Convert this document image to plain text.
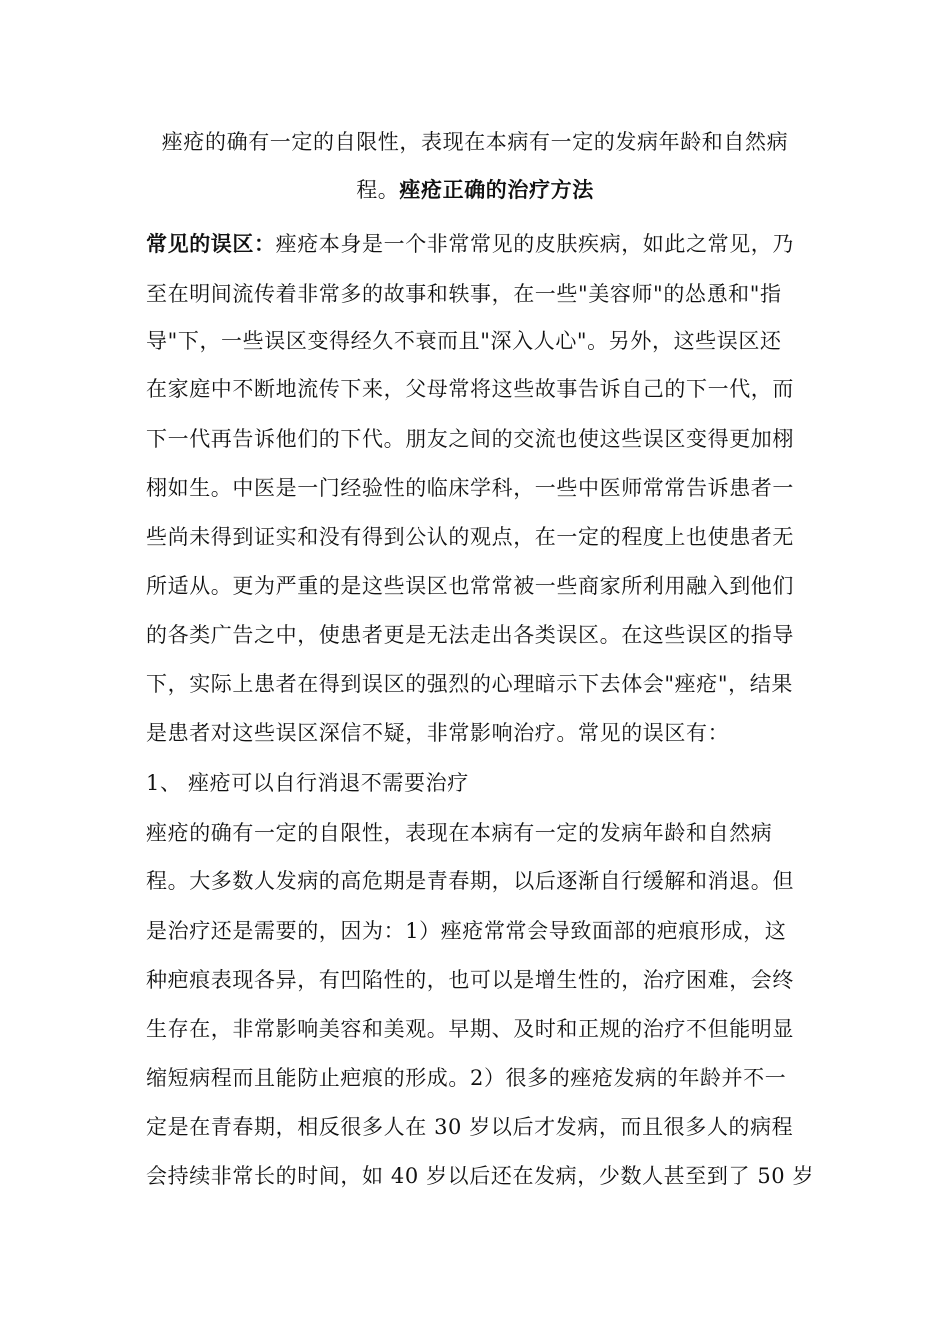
痤疮的确有一定的自限性，表现在本病有一定的发病年龄和自然病
程。痤疮正确的治疗方法
常见的误区：痤疮本身是一个非常常见的皮肤疾病，如此之常见，乃
至在明间流传着非常多的故事和轶事，在一些"美容师"的怂恿和"指
导"下，一些误区变得经久不衰而且"深入人心"。另外，这些误区还
在家庭中不断地流传下来，父母常将这些故事告诉自己的下一代，而
下一代再告诉他们的下代。朋友之间的交流也使这些误区变得更加栩
栩如生。中医是一门经验性的临床学科，一些中医师常常告诉患者一
些尚未得到证实和没有得到公认的观点，在一定的程度上也使患者无
所适从。更为严重的是这些误区也常常被一些商家所利用融入到他们
的各类广告之中，使患者更是无法走出各类误区。在这些误区的指导
下，实际上患者在得到误区的强烈的心理暗示下去体会"痤疮"，结果
是患者对这些误区深信不疑，非常影响治疗。常见的误区有：
1、 痤疮可以自行消退不需要治疗
痤疮的确有一定的自限性，表现在本病有一定的发病年龄和自然病
程。大多数人发病的高危期是青春期，以后逐渐自行缓解和消退。但
是治疗还是需要的，因为：1）痤疮常常会导致面部的疤痕形成，这
种疤痕表现各异，有凹陷性的，也可以是增生性的，治疗困难，会终
生存在，非常影响美容和美观。早期、及时和正规的治疗不但能明显
缩短病程而且能防止疤痕的形成。2）很多的痤疮发病的年龄并不一
定是在青春期，相反很多人在 30 岁以后才发病，而且很多人的病程
会持续非常长的时间，如 40 岁以后还在发病，少数人甚至到了 50 岁
